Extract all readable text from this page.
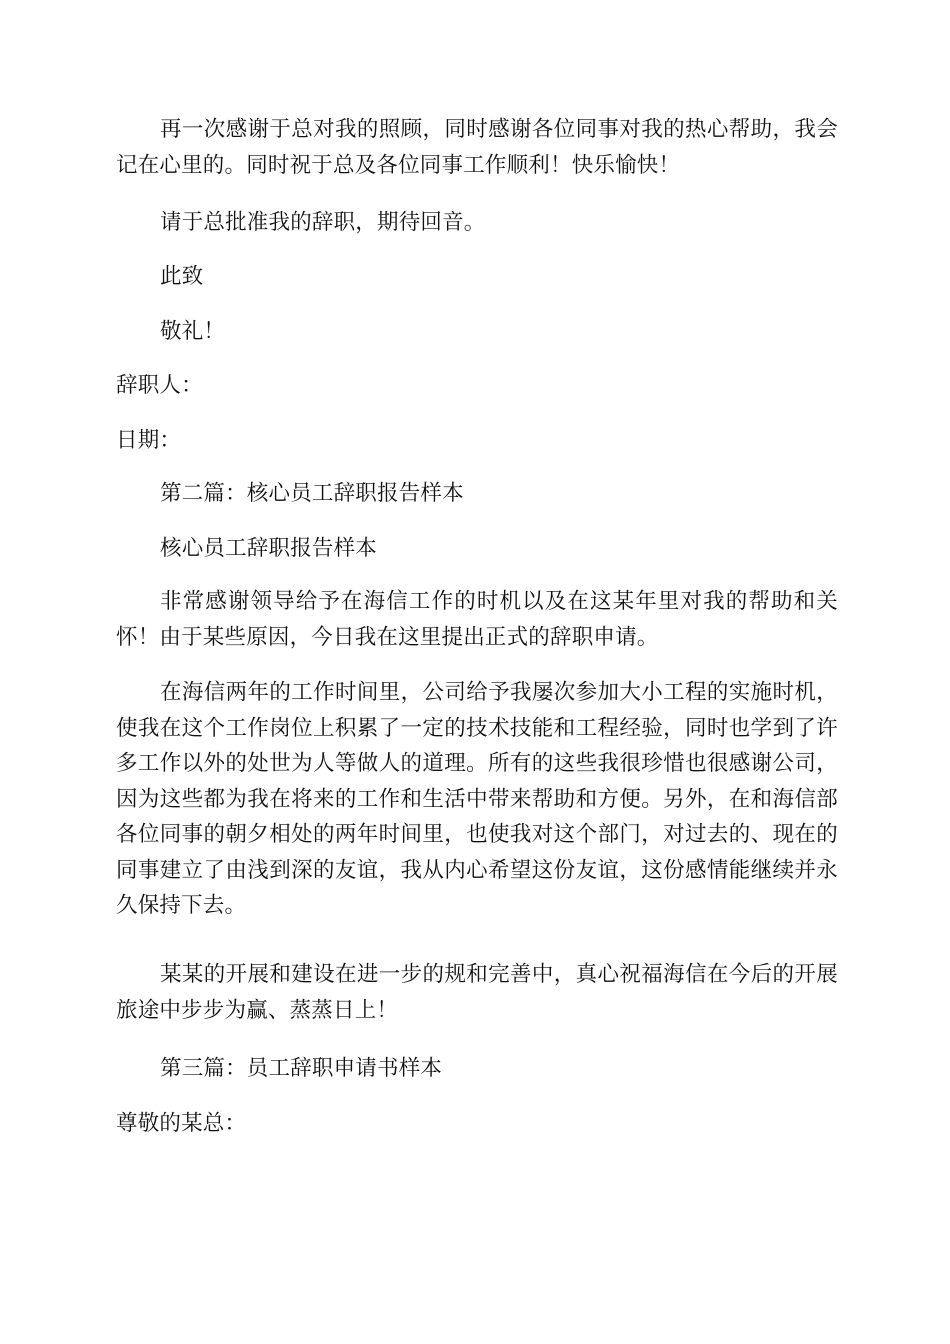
再一次感谢于总对我的照顾，同时感谢各位同事对我的热心帮助，我会记在心里的。同时祝于总及各位同事工作顺利！快乐愉快！

请于总批准我的辞职，期待回音。

此致

敬礼！

辞职人：

日期：

第二篇：核心员工辞职报告样本

核心员工辞职报告样本

非常感谢领导给予在海信工作的时机以及在这某年里对我的帮助和关怀！由于某些原因，今日我在这里提出正式的辞职申请。

在海信两年的工作时间里，公司给予我屡次参加大小工程的实施时机，使我在这个工作岗位上积累了一定的技术技能和工程经验，同时也学到了许多工作以外的处世为人等做人的道理。所有的这些我很珍惜也很感谢公司，因为这些都为我在将来的工作和生活中带来帮助和方便。另外，在和海信部各位同事的朝夕相处的两年时间里，也使我对这个部门，对过去的、现在的同事建立了由浅到深的友谊，我从内心希望这份友谊，这份感情能继续并永久保持下去。

某某的开展和建设在进一步的规和完善中，真心祝福海信在今后的开展旅途中步步为赢、蒸蒸日上！

第三篇：员工辞职申请书样本

尊敬的某总：
